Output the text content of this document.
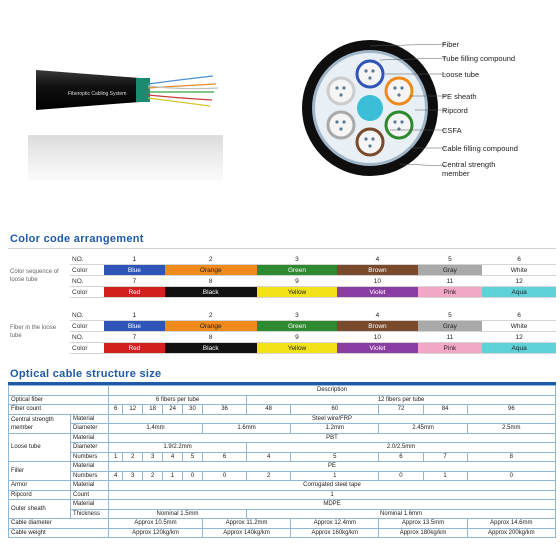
Fiberoptic Cabling System
Fiber
Tube filling compound
Loose tube
PE sheath
Ripcord
CSFA
Cable filling compound
Central strength member
Color code arrangement
Color sequence of loose tube	NO.	1	2	3	4	5	6
	Color	Blue	Orange	Green	Brown	Gray	White
	NO.	7	8	9	10	11	12
	Color	Red	Black	Yellow	Violet	Pink	Aqua

Fiber in the loose tube	NO.	1	2	3	4	5	6
	Color	Blue	Orange	Green	Brown	Gray	White
	NO.	7	8	9	10	11	12
	Color	Red	Black	Yellow	Violet	Pink	Aqua
Optical cable structure size
		Description										
Optical fiber		6 fibers per tube						12 fibers per tube				
Fiber count		6	12	18	24	30	36	48	60	72	84	96
Central strength member	Material	Steel wire/FRP										
	Diameter	1.4mm					1.6mm		1.2mm	2.45mm		2.5mm
Loose tube	Material	PBT										
	Diameter	1.9/2.2mm						2.0/2.5mm				
	Numbers	1	2	3	4	5	6	4	5	6	7	8
Filler	Material	PE										
	Numbers	4	3	2	1	0	0	2	1	0	1	0
Armor	Material	Corrugated steel tape										
Ripcord	Count	1										
Outer sheath	Material	MDPE										
	Thickness	Nominal 1.5mm						Nominal 1.6mm				
Cable diameter		Approx 10.5mm					Approx 11.2mm		Approx 12.4mm	Approx 13.5mm		Approx 14.6mm
Cable weight		Approx 120kg/km					Approx 140kg/km		Approx 160kg/km	Approx 180kg/km		Approx 200kg/km
